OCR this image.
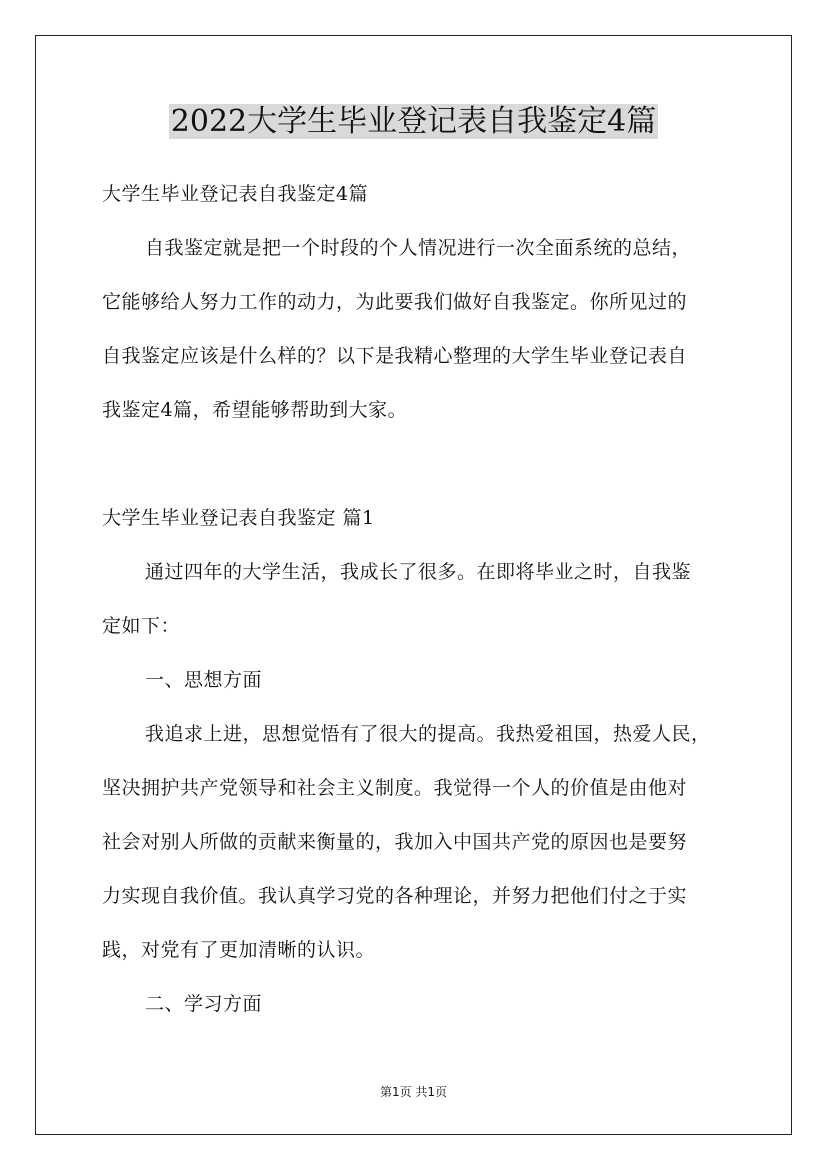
2022大学生毕业登记表自我鉴定4篇
大学生毕业登记表自我鉴定4篇
自我鉴定就是把一个时段的个人情况进行一次全面系统的总结，
它能够给人努力工作的动力，为此要我们做好自我鉴定。你所见过的
自我鉴定应该是什么样的？以下是我精心整理的大学生毕业登记表自
我鉴定4篇，希望能够帮助到大家。
大学生毕业登记表自我鉴定 篇1
通过四年的大学生活，我成长了很多。在即将毕业之时，自我鉴
定如下：
一、思想方面
我追求上进，思想觉悟有了很大的提高。我热爱祖国，热爱人民，
坚决拥护共产党领导和社会主义制度。我觉得一个人的价值是由他对
社会对别人所做的贡献来衡量的，我加入中国共产党的原因也是要努
力实现自我价值。我认真学习党的各种理论，并努力把他们付之于实
践，对党有了更加清晰的认识。
二、学习方面
第1页 共1页
